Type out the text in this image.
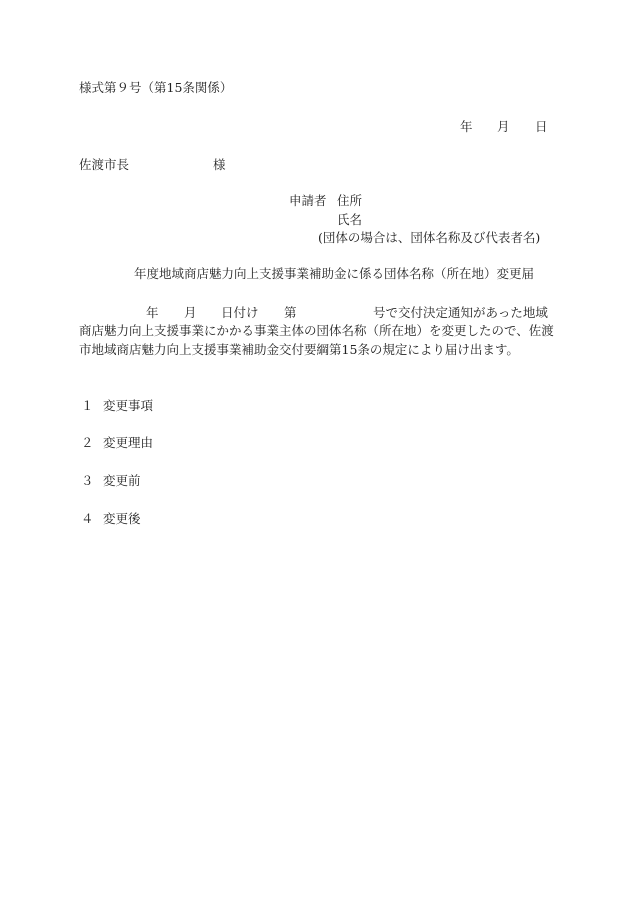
様式第９号（第15条関係）
年 月 日
佐渡市長	様
申請者 住所
氏名
(団体の場合は、団体名称及び代表者名)
年度地域商店魅力向上支援事業補助金に係る団体名称（所在地）変更届
年 月 日付け 第	号で交付決定通知があった地域
商店魅力向上支援事業にかかる事業主体の団体名称（所在地）を変更したので、佐渡
市地域商店魅力向上支援事業補助金交付要綱第15条の規定により届け出ます。
１ 変更事項
２ 変更理由
３ 変更前
４ 変更後
